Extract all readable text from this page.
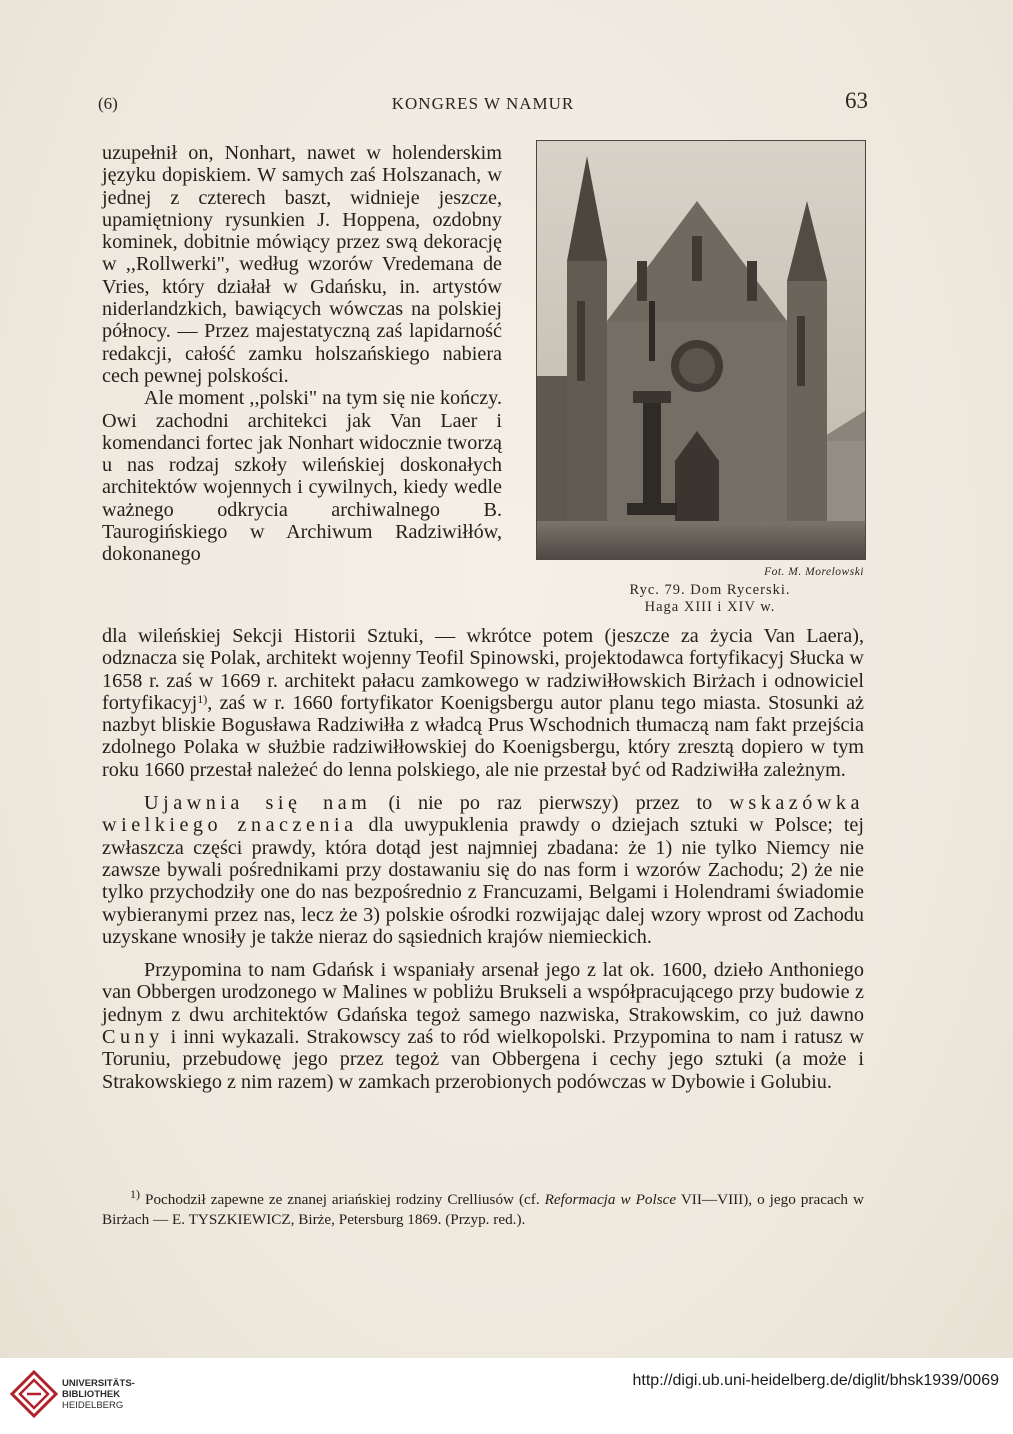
(6)	KONGRES W NAMUR	63

uzupełnił on, Nonhart, nawet w holenderskim języku dopiskiem. W samych zaś Holszanach, w jednej z czterech baszt, widnieje jeszcze, upamiętniony rysunkien J. Hoppena, ozdobny kominek, dobitnie mówiący przez swą dekorację w ,,Rollwerki", według wzorów Vredemana de Vries, który działał w Gdańsku, in. artystów niderlandzkich, bawiących wówczas na polskiej północy. — Przez majestatyczną zaś lapidarność redakcji, całość zamku holszańskiego nabiera cech pewnej polskości.

Ale moment ,,polski" na tym się nie kończy. Owi zachodni architekci jak Van Laer i komendanci fortec jak Nonhart widocznie tworzą u nas rodzaj szkoły wileńskiej doskonałych architektów wojennych i cywilnych, kiedy wedle ważnego odkrycia archiwalnego B. Taurogińskiego w Archiwum Radziwiłłów, dokonanego

Fot. M. Morelowski
Ryc. 79. Dom Rycerski.
Haga XIII i XIV w.

dla wileńskiej Sekcji Historii Sztuki, — wkrótce potem (jeszcze za życia Van Laera), odznacza się Polak, architekt wojenny Teofil Spinowski, projektodawca fortyfikacyj Słucka w 1658 r. zaś w 1669 r. architekt pałacu zamkowego w radziwiłłowskich Birżach i odnowiciel fortyfikacyj$^{1)}$, zaś w r. 1660 fortyfikator Koenigsbergu autor planu tego miasta. Stosunki aż nazbyt bliskie Bogusława Radziwiłła z władcą Prus Wschodnich tłumaczą nam fakt przejścia zdolnego Polaka w służbie radziwiłłowskiej do Koenigsbergu, który zresztą dopiero w tym roku 1660 przestał należeć do lenna polskiego, ale nie przestał być od Radziwiłła zależnym.

Ujawnia się nam (i nie po raz pierwszy) przez to wskazówka wielkiego znaczenia dla uwypuklenia prawdy o dziejach sztuki w Polsce; tej zwłaszcza części prawdy, która dotąd jest najmniej zbadana: że 1) nie tylko Niemcy nie zawsze bywali pośrednikami przy dostawaniu się do nas form i wzorów Zachodu; 2) że nie tylko przychodziły one do nas bezpośrednio z Francuzami, Belgami i Holendrami świadomie wybieranymi przez nas, lecz że 3) polskie ośrodki rozwijając dalej wzory wprost od Zachodu uzyskane wnosiły je także nieraz do sąsiednich krajów niemieckich.

Przypomina to nam Gdańsk i wspaniały arsenał jego z lat ok. 1600, dzieło Anthoniego van Obbergen urodzonego w Malines w pobliżu Brukseli a współpracującego przy budowie z jednym z dwu architektów Gdańska tegoż samego nazwiska, Strakowskim, co już dawno Cuny i inni wykazali. Strakowscy zaś to ród wielkopolski. Przypomina to nam i ratusz w Toruniu, przebudowę jego przez tegoż van Obbergena i cechy jego sztuki (a może i Strakowskiego z nim razem) w zamkach przerobionych podówczas w Dybowie i Golubiu.

$^{1)}$ Pochodził zapewne ze znanej ariańskiej rodziny Crelliusów (cf. Reformacja w Polsce VII—VIII), o jego pracach w Birżach — E. TYSZKIEWICZ, Birże, Petersburg 1869. (Przyp. red.).

UNIVERSITÄTS-
BIBLIOTHEK
HEIDELBERG
http://digi.ub.uni-heidelberg.de/diglit/bhsk1939/0069
